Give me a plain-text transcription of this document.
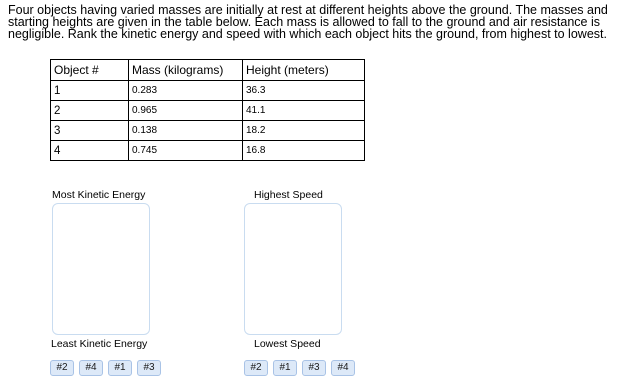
Four objects having varied masses are initially at rest at different heights above the ground. The masses and starting heights are given in the table below. Each mass is allowed to fall to the ground and air resistance is negligible. Rank the kinetic energy and speed with which each object hits the ground, from highest to lowest.

Object #	Mass (kilograms)	Height (meters)
1	0.283	36.3
2	0.965	41.1
3	0.138	18.2
4	0.745	16.8
Most Kinetic Energy
Least Kinetic Energy
#2	#4	#1	#3
Highest Speed
Lowest Speed
#2	#1	#3	#4
